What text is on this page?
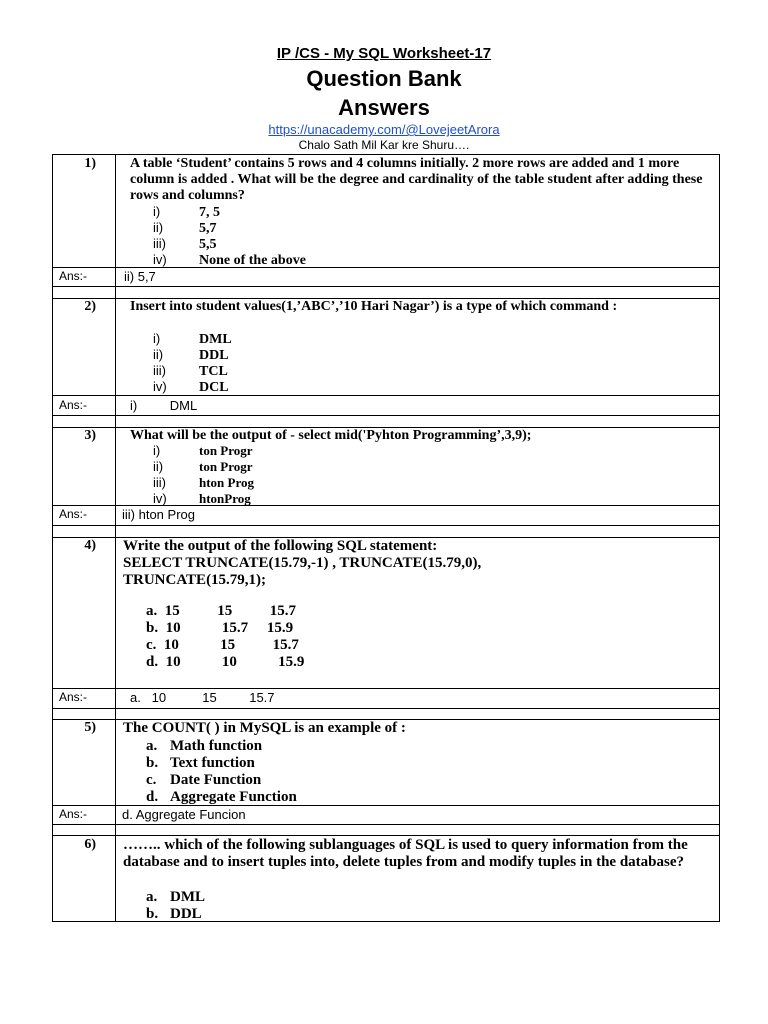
IP /CS - My SQL Worksheet-17
Question Bank
Answers
https://unacademy.com/@LovejeetArora
Chalo Sath Mil Kar kre Shuru….
1) A table ‘Student’ contains 5 rows and 4 columns initially. 2 more rows are added and 1 more column is added . What will be the degree and cardinality of the table student after adding these rows and columns?
i)	7, 5
ii)	5,7
iii) 5,5
iv) None of the above
Ans:-	ii) 5,7
2) Insert into student values(1,’ABC’,’10 Hari Nagar’) is a type of which command :
i)	DML
ii)	DDL
iii) TCL
iv) DCL
Ans:-	i)         DML
3) What will be the output of - select mid('Pyhton Programming’,3,9);
i)	ton Progr
ii)	ton Progr
iii)	hton Prog
iv) htonProg
Ans:-	iii) hton Prog
4) Write the output of the following SQL statement:
SELECT TRUNCATE(15.79,-1) , TRUNCATE(15.79,0),
TRUNCATE(15.79,1);
a.  15          15          15.7
b.  10           15.7     15.9
c.  10           15          15.7
d.  10           10           15.9
Ans:-	a.   10          15         15.7
5) The COUNT( ) in MySQL is an example of :
a. Math function
b. Text function
c. Date Function
d. Aggregate Function
Ans:-	d. Aggregate Funcion
6) …….. which of the following sublanguages of SQL is used to query information from the database and to insert tuples into, delete tuples from and modify tuples in the database?
a. DML
b. DDL
